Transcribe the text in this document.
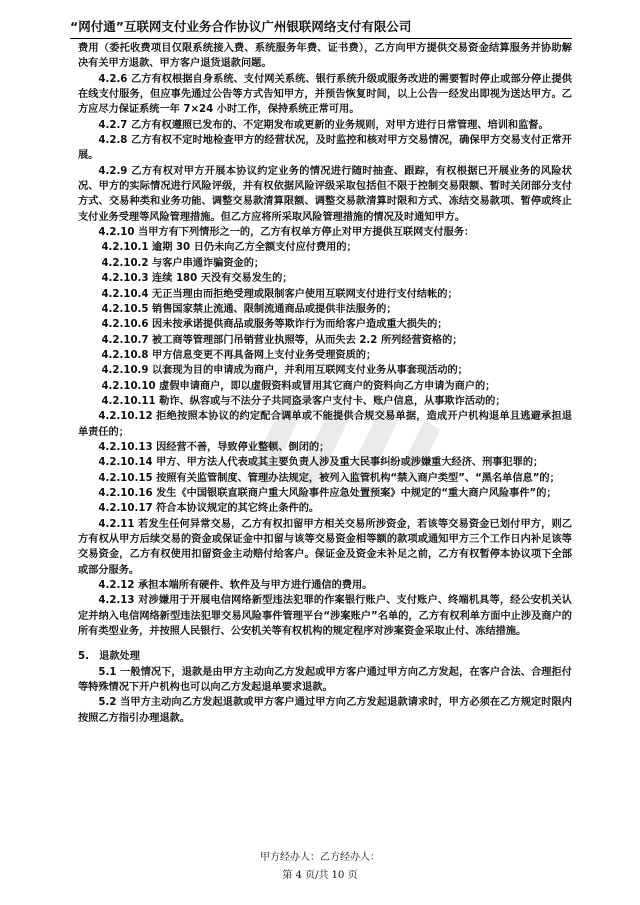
“网付通”互联网支付业务合作协议广州银联网络支付有限公司

费用（委托收费项目仅限系统接入费、系统服务年费、证书费），乙方向甲方提供交易资金结算服务并协助解决有关甲方退款、甲方客户退货退款问题。

4.2.6 乙方有权根据自身系统、支付网关系统、银行系统升级或服务改进的需要暂时停止或部分停止提供在线支付服务，但应事先通过公告等方式告知甲方，并预告恢复时间，以上公告一经发出即视为送达甲方。乙方应尽力保证系统一年 7×24 小时工作，保持系统正常可用。

4.2.7 乙方有权遵照已发布的、不定期发布或更新的业务规则，对甲方进行日常管理、培训和监督。

4.2.8 乙方有权不定时地检查甲方的经营状况，及时监控和核对甲方交易情况，确保甲方交易支付正常开展。

4.2.9 乙方有权对甲方开展本协议约定业务的情况进行随时抽查、跟踪，有权根据已开展业务的风险状况、甲方的实际情况进行风险评级，并有权依据风险评级采取包括但不限于控制交易限额、暂时关闭部分支付方式、交易种类和业务功能、调整交易款清算限额、调整交易款清算时限和方式、冻结交易款项、暂停或终止支付业务受理等风险管理措施。但乙方应将所采取风险管理措施的情况及时通知甲方。

4.2.10 当甲方有下列情形之一的，乙方有权单方停止对甲方提供互联网支付服务：

4.2.10.1 逾期 30 日仍未向乙方全额支付应付费用的；

4.2.10.2 与客户串通诈骗资金的；

4.2.10.3 连续 180 天没有交易发生的；

4.2.10.4 无正当理由而拒绝受理或限制客户使用互联网支付进行支付结帐的；

4.2.10.5 销售国家禁止流通、限制流通商品或提供非法服务的；

4.2.10.6 因未按承诺提供商品或服务等欺诈行为而给客户造成重大损失的；

4.2.10.7 被工商等管理部门吊销营业执照等，从而失去 2.2 所列经营资格的；

4.2.10.8 甲方信息变更不再具备网上支付业务受理资质的；

4.2.10.9 以套现为目的申请成为商户，并利用互联网支付业务从事套现活动的；

4.2.10.10 虚假申请商户，即以虚假资料或冒用其它商户的资料向乙方申请为商户的；

4.2.10.11 勒诈、纵容或与不法分子共同盗录客户支付卡、账户信息，从事欺诈活动的；

4.2.10.12 拒绝按照本协议的约定配合调单或不能提供合规交易单据，造成开户机构退单且逃避承担退单责任的；

4.2.10.13 因经营不善，导致停业整顿、倒闭的；

4.2.10.14 甲方、甲方法人代表或其主要负责人涉及重大民事纠纷或涉嫌重大经济、刑事犯罪的；

4.2.10.15 按照有关监管制度、管理办法规定，被列入监管机构“禁入商户类型”、“黑名单信息”的；

4.2.10.16 发生《中国银联直联商户重大风险事件应急处置预案》中规定的“重大商户风险事件”的；

4.2.10.17 符合本协议规定的其它终止条件的。

4.2.11 若发生任何异常交易，乙方有权扣留甲方相关交易所涉资金，若该等交易资金已划付甲方，则乙方有权从甲方后续交易的资金或保证金中扣留与该等交易资金相等额的款项或通知甲方三个工作日内补足该等交易资金，乙方有权使用扣留资金主动赔付给客户。保证金及资金未补足之前，乙方有权暂停本协议项下全部或部分服务。

4.2.12 承担本端所有硬件、软件及与甲方进行通信的费用。

4.2.13 对涉嫌用于开展电信网络新型违法犯罪的作案银行账户、支付账户、终端机具等，经公安机关认定并纳入电信网络新型违法犯罪交易风险事件管理平台“涉案账户”名单的，乙方有权利单方面中止涉及商户的所有类型业务，并按照人民银行、公安机关等有权机构的规定程序对涉案资金采取止付、冻结措施。

5.　退款处理

5.1 一般情况下，退款是由甲方主动向乙方发起或甲方客户通过甲方向乙方发起，在客户合法、合理拒付等特殊情况下开户机构也可以向乙方发起退单要求退款。

5.2 当甲方主动向乙方发起退款或甲方客户通过甲方向乙方发起退款请求时，甲方必须在乙方规定时限内按照乙方指引办理退款。

甲方经办人：乙方经办人：
第 4 页/共 10 页
